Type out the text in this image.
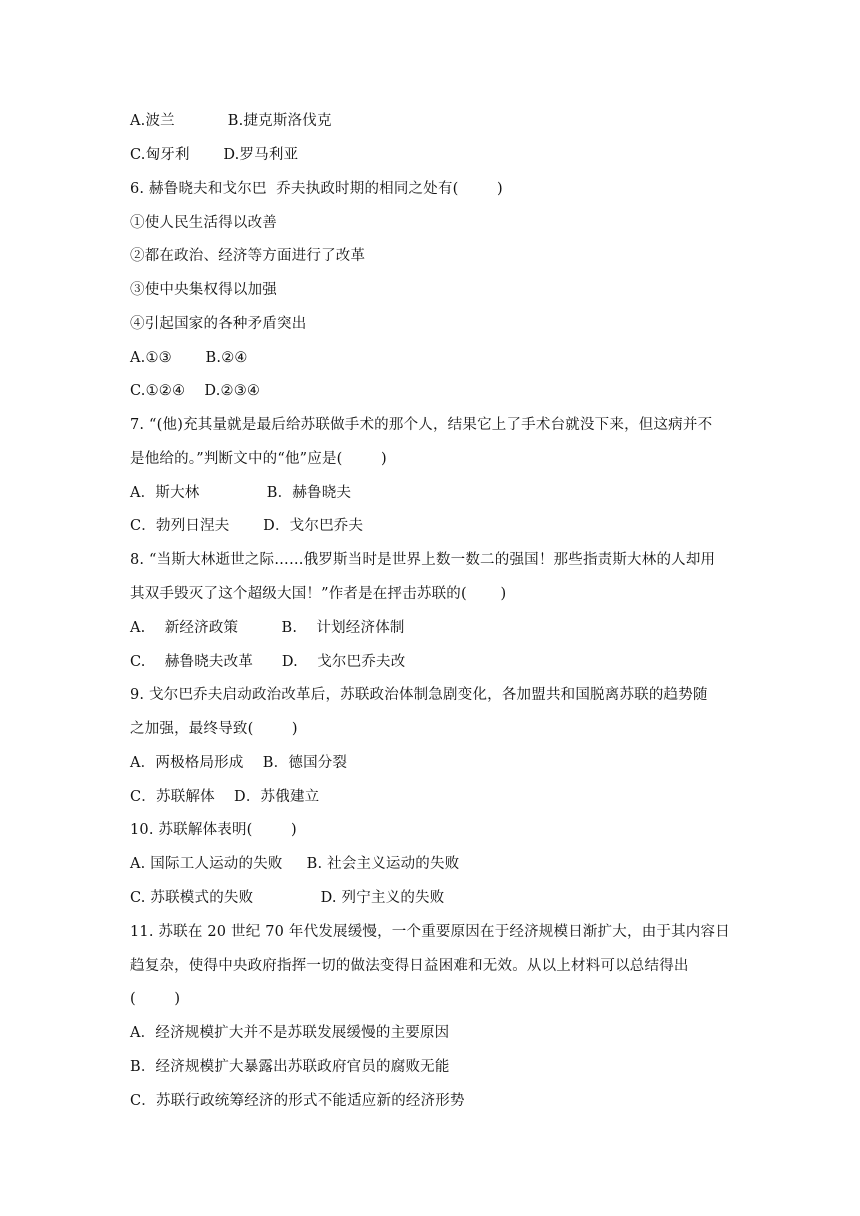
A.波兰           B.捷克斯洛伐克
C.匈牙利       D.罗马利亚
6. 赫鲁晓夫和戈尔巴  乔夫执政时期的相同之处有(        )
①使人民生活得以改善
②都在政治、经济等方面进行了改革
③使中央集权得以加强
④引起国家的各种矛盾突出
A.①③       B.②④
C.①②④    D.②③④
7. “(他)充其量就是最后给苏联做手术的那个人，结果它上了手术台就没下来，但这病并不
是他给的。”判断文中的“他”应是(        )
A．斯大林              B．赫鲁晓夫
C．勃列日涅夫       D．戈尔巴乔夫
8. “当斯大林逝世之际……俄罗斯当时是世界上数一数二的强国！那些指责斯大林的人却用
其双手毁灭了这个超级大国！”作者是在抨击苏联的(       )
A.    新经济政策         B.    计划经济体制
C.    赫鲁晓夫改革      D.    戈尔巴乔夫改
9. 戈尔巴乔夫启动政治改革后，苏联政治体制急剧变化，各加盟共和国脱离苏联的趋势随
之加强，最终导致(        )
A．两极格局形成    B．德国分裂
C．苏联解体    D．苏俄建立
10. 苏联解体表明(        )
A. 国际工人运动的失败     B. 社会主义运动的失败
C. 苏联模式的失败              D. 列宁主义的失败
11. 苏联在 20 世纪 70 年代发展缓慢，一个重要原因在于经济规模日渐扩大，由于其内容日
趋复杂，使得中央政府指挥一切的做法变得日益困难和无效。从以上材料可以总结得出
(        )
A．经济规模扩大并不是苏联发展缓慢的主要原因
B．经济规模扩大暴露出苏联政府官员的腐败无能
C．苏联行政统筹经济的形式不能适应新的经济形势
